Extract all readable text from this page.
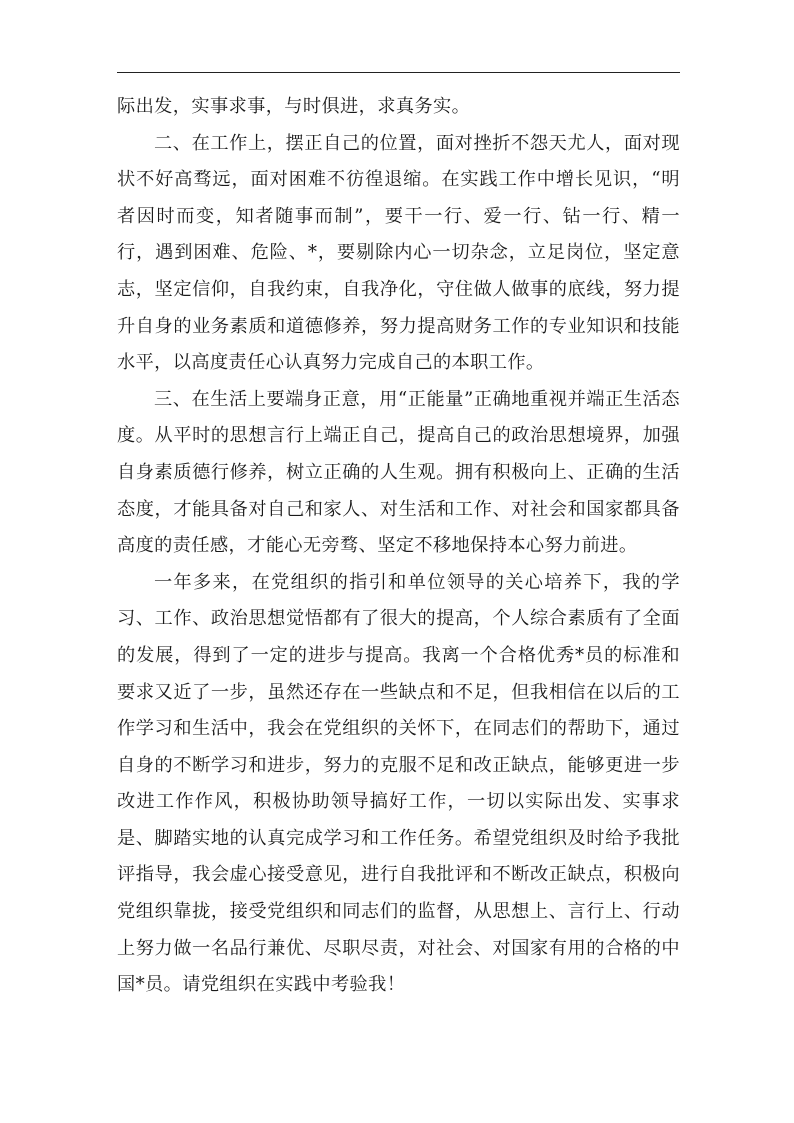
际出发，实事求事，与时俱进，求真务实。

二、在工作上，摆正自己的位置，面对挫折不怨天尤人，面对现状不好高骛远，面对困难不彷徨退缩。在实践工作中增长见识，“明者因时而变，知者随事而制”，要干一行、爱一行、钻一行、精一行，遇到困难、危险、*，要剔除内心一切杂念，立足岗位，坚定意志，坚定信仰，自我约束，自我净化，守住做人做事的底线，努力提升自身的业务素质和道德修养，努力提高财务工作的专业知识和技能水平，以高度责任心认真努力完成自己的本职工作。

三、在生活上要端身正意，用“正能量”正确地重视并端正生活态度。从平时的思想言行上端正自己，提高自己的政治思想境界，加强自身素质德行修养，树立正确的人生观。拥有积极向上、正确的生活态度，才能具备对自己和家人、对生活和工作、对社会和国家都具备高度的责任感，才能心无旁骛、坚定不移地保持本心努力前进。

一年多来，在党组织的指引和单位领导的关心培养下，我的学习、工作、政治思想觉悟都有了很大的提高，个人综合素质有了全面的发展，得到了一定的进步与提高。我离一个合格优秀*员的标准和要求又近了一步，虽然还存在一些缺点和不足，但我相信在以后的工作学习和生活中，我会在党组织的关怀下，在同志们的帮助下，通过自身的不断学习和进步，努力的克服不足和改正缺点，能够更进一步改进工作作风，积极协助领导搞好工作，一切以实际出发、实事求是、脚踏实地的认真完成学习和工作任务。希望党组织及时给予我批评指导，我会虚心接受意见，进行自我批评和不断改正缺点，积极向党组织靠拢，接受党组织和同志们的监督，从思想上、言行上、行动上努力做一名品行兼优、尽职尽责，对社会、对国家有用的合格的中国*员。请党组织在实践中考验我！
